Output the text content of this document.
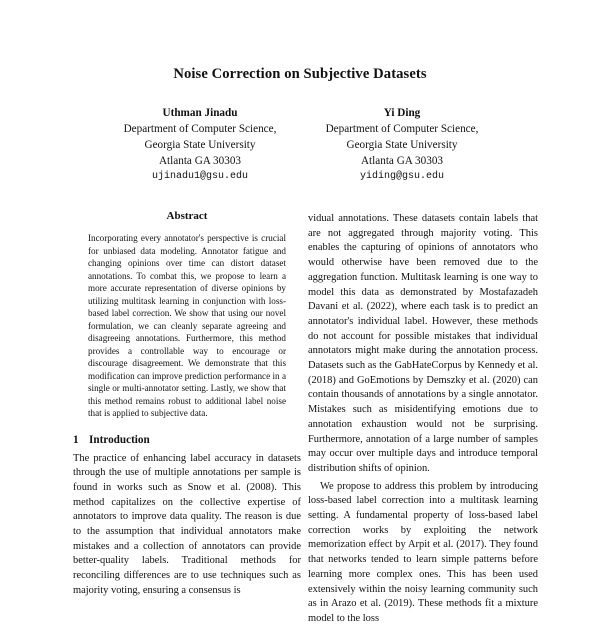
Noise Correction on Subjective Datasets
Uthman Jinadu
Department of Computer Science,
Georgia State University
Atlanta GA 30303
ujinadu1@gsu.edu
Yi Ding
Department of Computer Science,
Georgia State University
Atlanta GA 30303
yiding@gsu.edu
Abstract

Incorporating every annotator's perspective is crucial for unbiased data modeling. Annotator fatigue and changing opinions over time can distort dataset annotations. To combat this, we propose to learn a more accurate representation of diverse opinions by utilizing multitask learning in conjunction with loss-based label correction. We show that using our novel formulation, we can cleanly separate agreeing and disagreeing annotations. Furthermore, this method provides a controllable way to encourage or discourage disagreement. We demonstrate that this modification can improve prediction performance in a single or multi-annotator setting. Lastly, we show that this method remains robust to additional label noise that is applied to subjective data.

1 Introduction

The practice of enhancing label accuracy in datasets through the use of multiple annotations per sample is found in works such as Snow et al. (2008). This method capitalizes on the collective expertise of annotators to improve data quality. The reason is due to the assumption that individual annotators make mistakes and a collection of annotators can provide better-quality labels. Traditional methods for reconciling differences are to use techniques such as majority voting, ensuring a consensus is

vidual annotations. These datasets contain labels that are not aggregated through majority voting. This enables the capturing of opinions of annotators who would otherwise have been removed due to the aggregation function. Multitask learning is one way to model this data as demonstrated by Mostafazadeh Davani et al. (2022), where each task is to predict an annotator's individual label. However, these methods do not account for possible mistakes that individual annotators might make during the annotation process. Datasets such as the GabHateCorpus by Kennedy et al. (2018) and GoEmotions by Demszky et al. (2020) can contain thousands of annotations by a single annotator. Mistakes such as misidentifying emotions due to annotation exhaustion would not be surprising. Furthermore, annotation of a large number of samples may occur over multiple days and introduce temporal distribution shifts of opinion.

We propose to address this problem by introducing loss-based label correction into a multitask learning setting. A fundamental property of loss-based label correction works by exploiting the network memorization effect by Arpit et al. (2017). They found that networks tended to learn simple patterns before learning more complex ones. This has been used extensively within the noisy learning community such as in Arazo et al. (2019). These methods fit a mixture model to the loss
